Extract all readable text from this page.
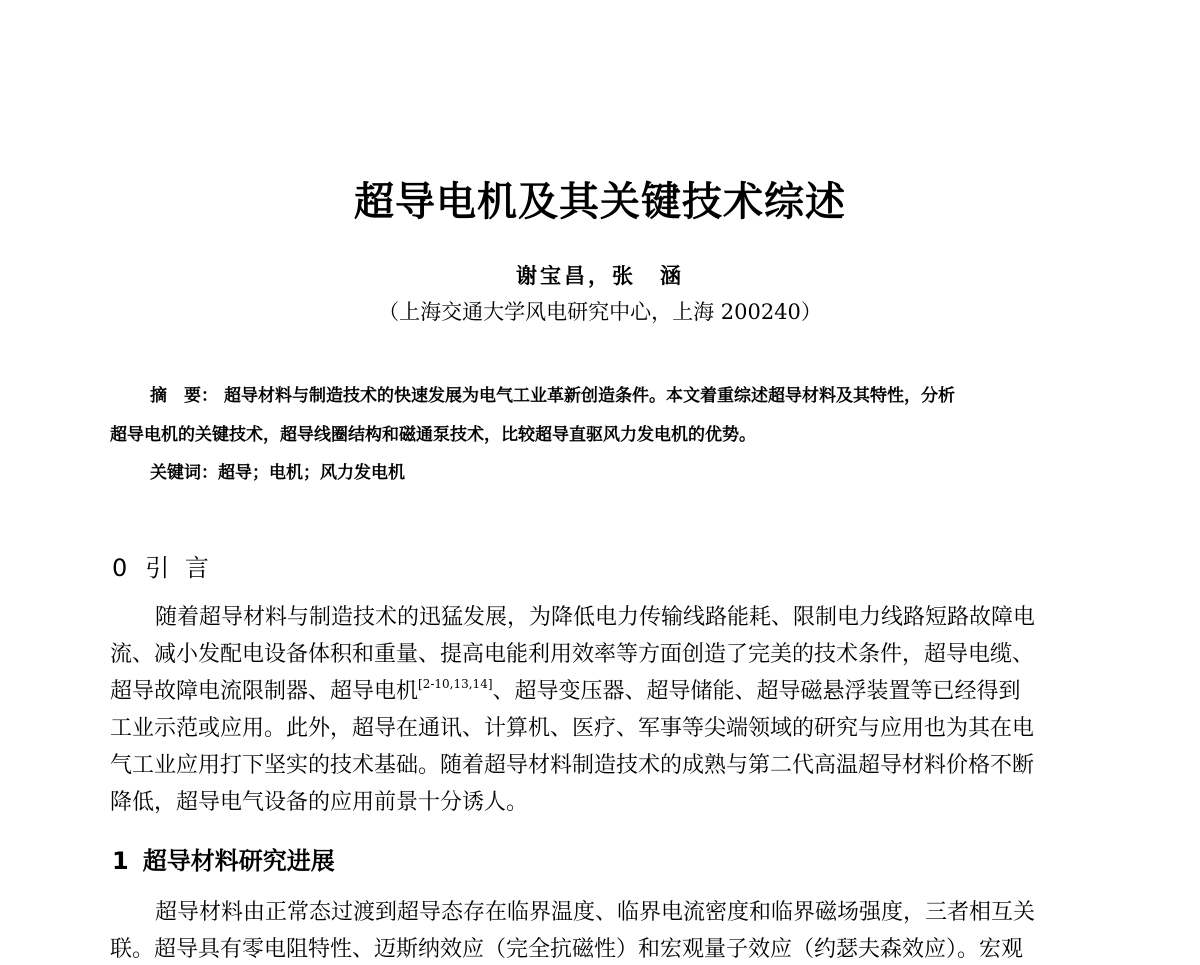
超导电机及其关键技术综述
谢宝昌，张　涵
（上海交通大学风电研究中心，上海 200240）
摘　要： 超导材料与制造技术的快速发展为电气工业革新创造条件。本文着重综述超导材料及其特性，分析
超导电机的关键技术，超导线圈结构和磁通泵技术，比较超导直驱风力发电机的优势。
关键词：超导；电机；风力发电机
0 引 言
随着超导材料与制造技术的迅猛发展，为降低电力传输线路能耗、限制电力线路短路故障电
流、减小发配电设备体积和重量、提高电能利用效率等方面创造了完美的技术条件，超导电缆、
超导故障电流限制器、超导电机[2-10,13,14]、超导变压器、超导储能、超导磁悬浮装置等已经得到
工业示范或应用。此外，超导在通讯、计算机、医疗、军事等尖端领域的研究与应用也为其在电
气工业应用打下坚实的技术基础。随着超导材料制造技术的成熟与第二代高温超导材料价格不断
降低，超导电气设备的应用前景十分诱人。
1 超导材料研究进展
超导材料由正常态过渡到超导态存在临界温度、临界电流密度和临界磁场强度，三者相互关
联。超导具有零电阻特性、迈斯纳效应（完全抗磁性）和宏观量子效应（约瑟夫森效应）。宏观
